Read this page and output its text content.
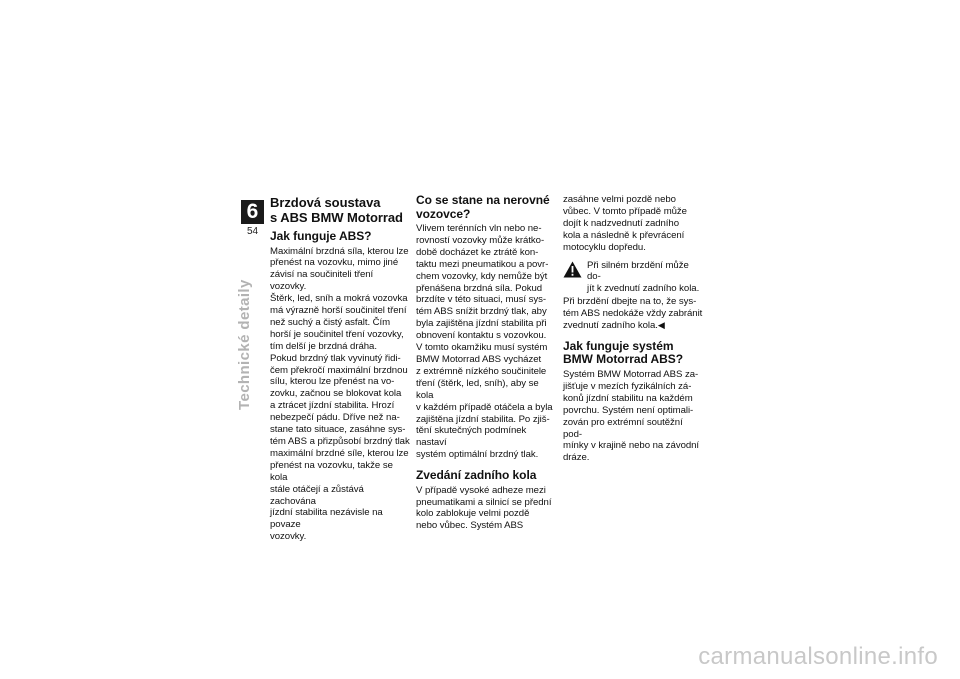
6
54
Technické detaily

Brzdová soustava
s ABS BMW Motorrad

Jak funguje ABS?

Maximální brzdná síla, kterou lze
přenést na vozovku, mimo jiné
závisí na součiniteli tření vozovky.
Štěrk, led, sníh a mokrá vozovka
má výrazně horší součinitel tření
než suchý a čistý asfalt. Čím
horší je součinitel tření vozovky,
tím delší je brzdná dráha.
Pokud brzdný tlak vyvinutý řidi-
čem překročí maximální brzdnou
sílu, kterou lze přenést na vo-
zovku, začnou se blokovat kola
a ztrácet jízdní stabilita. Hrozí
nebezpečí pádu. Dříve než na-
stane tato situace, zasáhne sys-
tém ABS a přizpůsobí brzdný tlak
maximální brzdné síle, kterou lze
přenést na vozovku, takže se kola
stále otáčejí a zůstává zachována
jízdní stabilita nezávisle na povaze
vozovky.

Co se stane na nerovné
vozovce?

Vlivem terénních vln nebo ne-
rovností vozovky může krátko-
době docházet ke ztrátě kon-
taktu mezi pneumatikou a povr-
chem vozovky, kdy nemůže být
přenášena brzdná síla. Pokud
brzdíte v této situaci, musí sys-
tém ABS snížit brzdný tlak, aby
byla zajištěna jízdní stabilita při
obnovení kontaktu s vozovkou.
V tomto okamžiku musí systém
BMW Motorrad ABS vycházet
z extrémně nízkého součinitele
tření (štěrk, led, sníh), aby se kola
v každém případě otáčela a byla
zajištěna jízdní stabilita. Po zjiš-
tění skutečných podmínek nastaví
systém optimální brzdný tlak.

Zvedání zadního kola

V případě vysoké adheze mezi
pneumatikami a silnicí se přední
kolo zablokuje velmi pozdě
nebo vůbec. Systém ABS

zasáhne velmi pozdě nebo
vůbec. V tomto případě může
dojít k nadzvednutí zadního
kola a následně k převrácení
motocyklu dopředu.

Při silném brzdění může do-
jít k zvednutí zadního kola.

Při brzdění dbejte na to, že sys-
tém ABS nedokáže vždy zabránit
zvednutí zadního kola.◀

Jak funguje systém
BMW Motorrad ABS?

Systém BMW Motorrad ABS za-
jišťuje v mezích fyzikálních zá-
konů jízdní stabilitu na každém
povrchu. Systém není optimali-
zován pro extrémní soutěžní pod-
mínky v krajině nebo na závodní
dráze.

carmanualsonline.info
